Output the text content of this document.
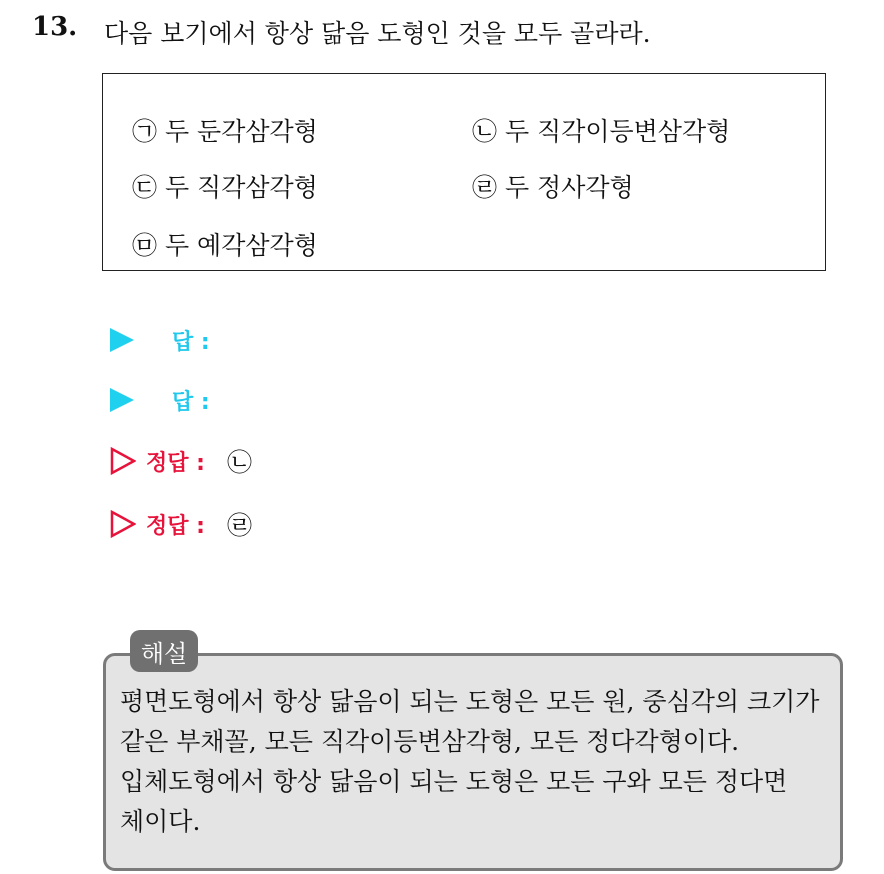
13. 다음 보기에서 항상 닮음 도형인 것을 모두 골라라.
㉠ 두 둔각삼각형	㉡ 두 직각이등변삼각형
㉢ 두 직각삼각형	㉣ 두 정사각형
㉤ 두 예각삼각형
답 :
답 :
정답 : ㉡
정답 : ㉣
해설
평면도형에서 항상 닮음이 되는 도형은 모든 원, 중심각의 크기가
같은 부채꼴, 모든 직각이등변삼각형, 모든 정다각형이다.
입체도형에서 항상 닮음이 되는 도형은 모든 구와 모든 정다면
체이다.
